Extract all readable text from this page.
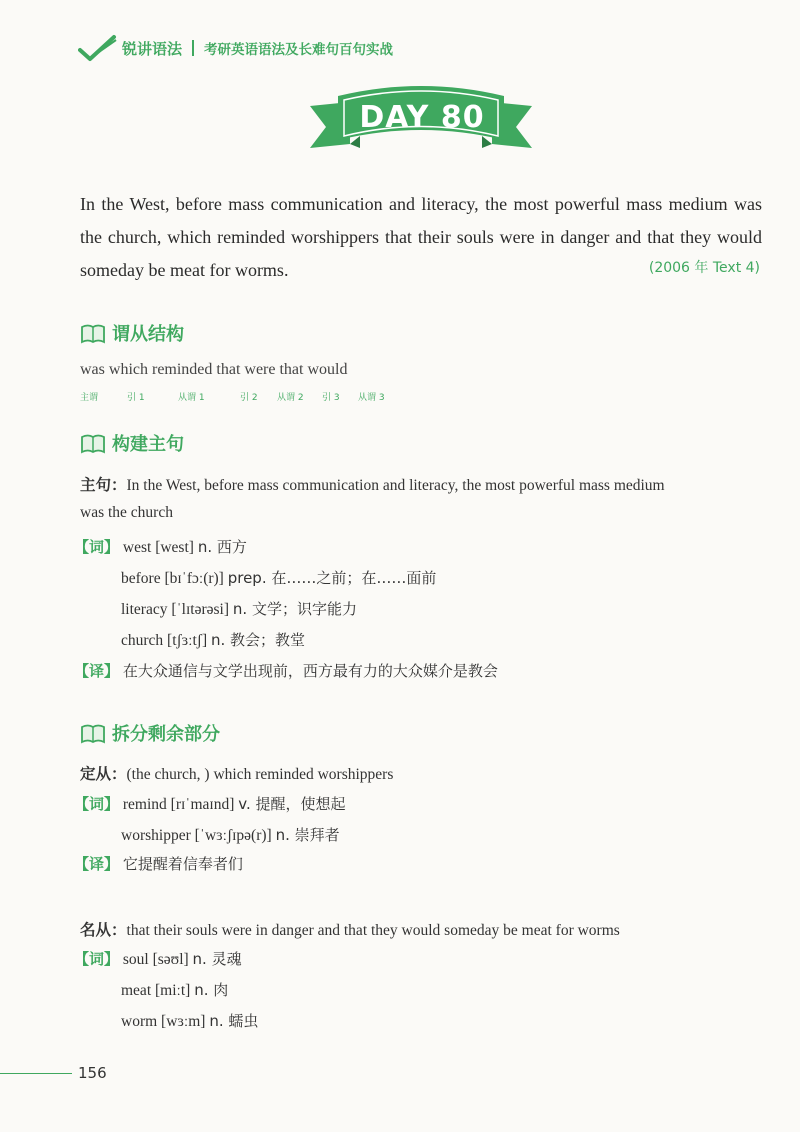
锐讲语法 考研英语语法及长难句百句实战
DAY 80
In the West, before mass communication and literacy, the most powerful mass medium was the church, which reminded worshippers that their souls were in danger and that they would someday be meat for worms.	(2006 年 Text 4)
谓从结构
was which reminded that were that would
主谓	引 1	从谓 1	引 2 从谓 2 引 3 从谓 3
构建主句
主句：In the West, before mass communication and literacy, the most powerful mass medium
was the church
【词】 west [west] n. 西方
before [bɪˈfɔː(r)] prep. 在……之前；在……面前
literacy [ˈlɪtərəsi] n. 文学；识字能力
church [tʃɜːtʃ] n. 教会；教堂
【译】 在大众通信与文学出现前，西方最有力的大众媒介是教会
拆分剩余部分
定从：(the church, ) which reminded worshippers
【词】 remind [rɪˈmaɪnd] v. 提醒，使想起
worshipper [ˈwɜːʃɪpə(r)] n. 崇拜者
【译】 它提醒着信奉者们
名从：that their souls were in danger and that they would someday be meat for worms
【词】 soul [səʊl] n. 灵魂
meat [miːt] n. 肉
worm [wɜːm] n. 蠕虫
156
